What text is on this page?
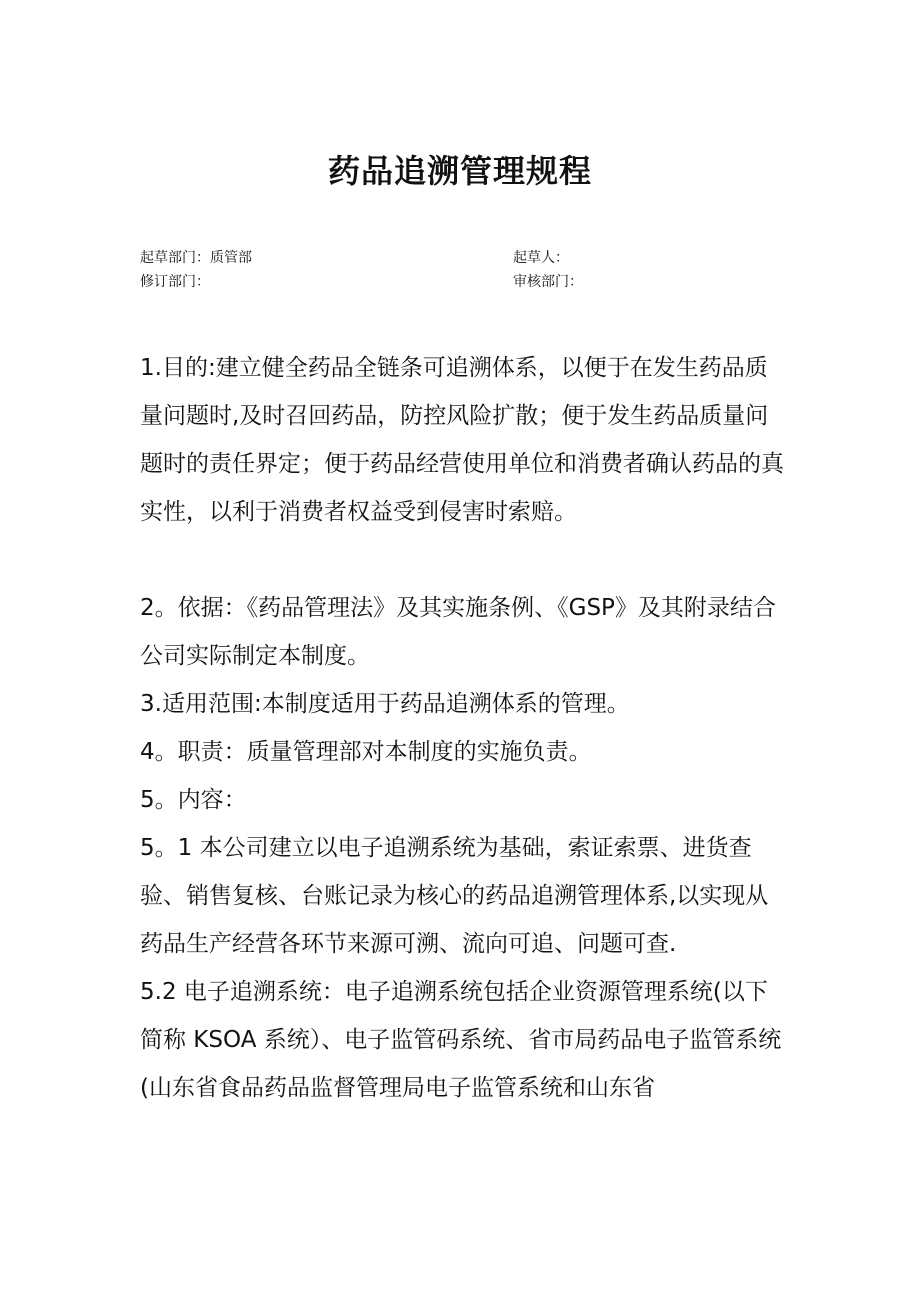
药品追溯管理规程
起草部门：质管部
修订部门：
起草人：
审核部门：

1.目的:建立健全药品全链条可追溯体系，以便于在发生药品质量问题时,及时召回药品，防控风险扩散；便于发生药品质量问题时的责任界定；便于药品经营使用单位和消费者确认药品的真实性，以利于消费者权益受到侵害时索赔。

2。依据：《药品管理法》及其实施条例、《GSP》及其附录结合公司实际制定本制度。

3.适用范围:本制度适用于药品追溯体系的管理。

4。职责：质量管理部对本制度的实施负责。

5。内容：

5。1 本公司建立以电子追溯系统为基础，索证索票、进货查验、销售复核、台账记录为核心的药品追溯管理体系,以实现从药品生产经营各环节来源可溯、流向可追、问题可查.

5.2 电子追溯系统：电子追溯系统包括企业资源管理系统(以下简称 KSOA 系统）、电子监管码系统、省市局药品电子监管系统(山东省食品药品监督管理局电子监管系统和山东省
